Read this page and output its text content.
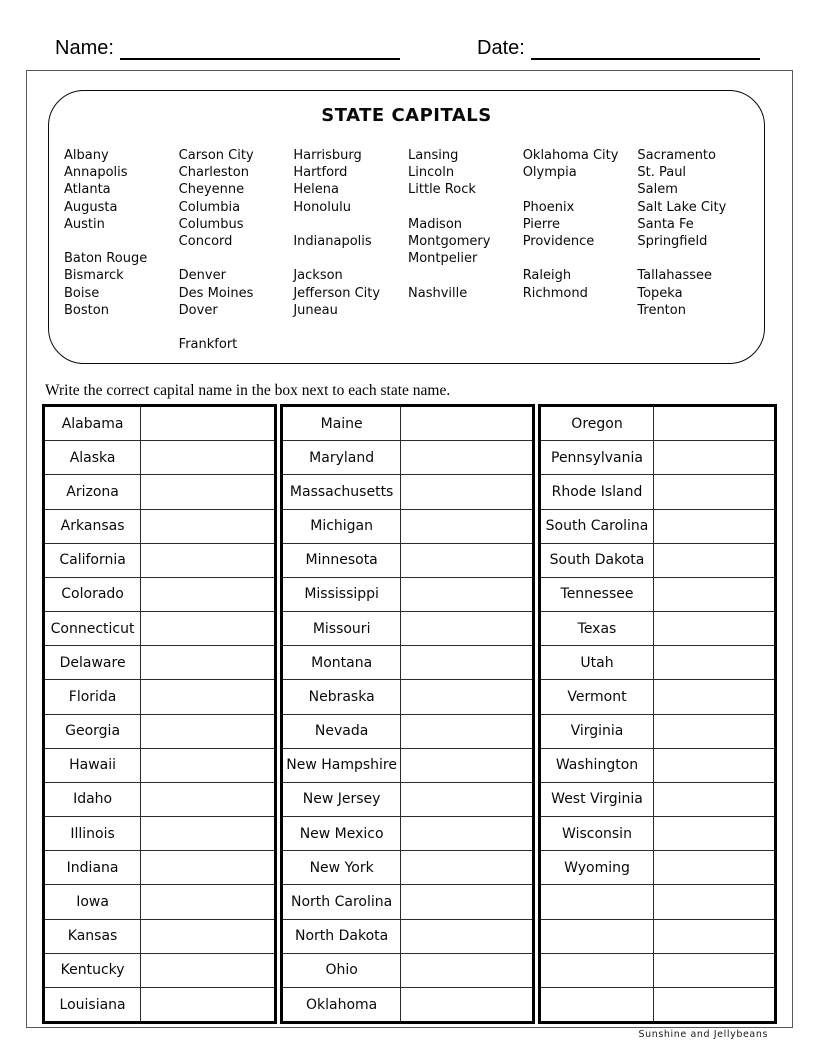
Name:	Date:
STATE CAPITALS
Albany
Annapolis
Atlanta
Augusta
Austin

Baton Rouge
Bismarck
Boise
Boston
Carson City
Charleston
Cheyenne
Columbia
Columbus
Concord

Denver
Des Moines
Dover

Frankfort
Harrisburg
Hartford
Helena
Honolulu

Indianapolis

Jackson
Jefferson City
Juneau
Lansing
Lincoln
Little Rock

Madison
Montgomery
Montpelier

Nashville
Oklahoma City
Olympia

Phoenix
Pierre
Providence

Raleigh
Richmond
Sacramento
St. Paul
Salem
Salt Lake City
Santa Fe
Springfield

Tallahassee
Topeka
Trenton
Write the correct capital name in the box next to each state name.
Alabama
Alaska
Arizona
Arkansas
California
Colorado
Connecticut
Delaware
Florida
Georgia
Hawaii
Idaho
Illinois
Indiana
Iowa
Kansas
Kentucky
Louisiana
Maine
Maryland
Massachusetts
Michigan
Minnesota
Mississippi
Missouri
Montana
Nebraska
Nevada
New Hampshire
New Jersey
New Mexico
New York
North Carolina
North Dakota
Ohio
Oklahoma
Oregon
Pennsylvania
Rhode Island
South Carolina
South Dakota
Tennessee
Texas
Utah
Vermont
Virginia
Washington
West Virginia
Wisconsin
Wyoming
Sunshine and Jellybeans
